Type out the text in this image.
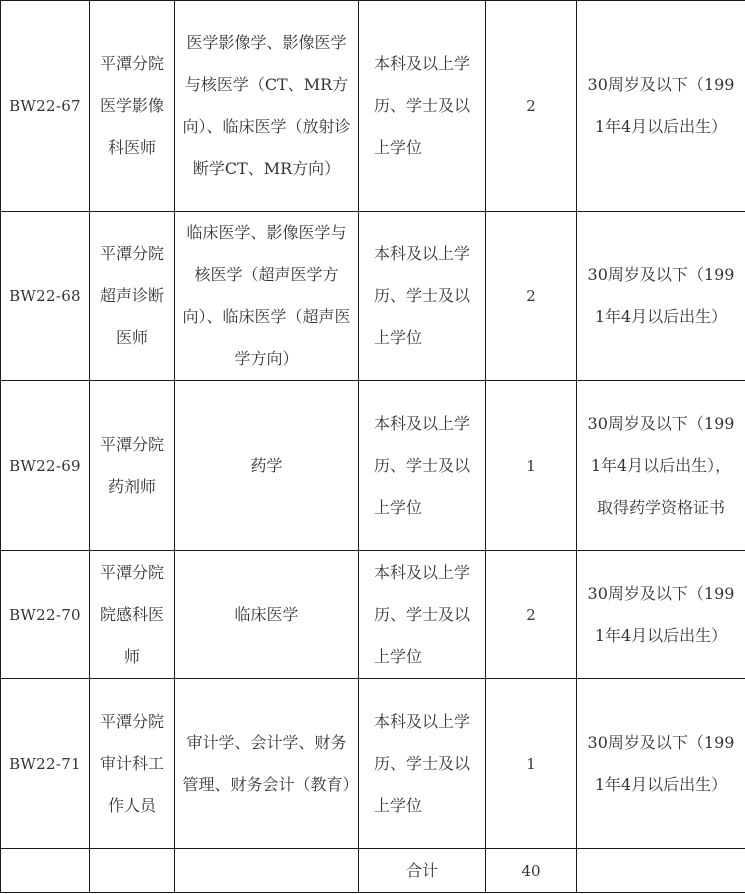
BW22-67	平潭分院医学影像科医师	医学影像学、影像医学与核医学（CT、MR方向）、临床医学（放射诊断学CT、MR方向）	本科及以上学历、学士及以上学位	2	30周岁及以下（1991年4月以后出生）

BW22-68	平潭分院超声诊断医师	临床医学、影像医学与核医学（超声医学方向）、临床医学（超声医学方向）	本科及以上学历、学士及以上学位	2	30周岁及以下（1991年4月以后出生）

BW22-69	平潭分院药剂师	药学	本科及以上学历、学士及以上学位	1	30周岁及以下（1991年4月以后出生），取得药学资格证书

BW22-70	平潭分院院感科医师	临床医学	本科及以上学历、学士及以上学位	2	30周岁及以下（1991年4月以后出生）

BW22-71	平潭分院审计科工作人员	审计学、会计学、财务管理、财务会计（教育）	本科及以上学历、学士及以上学位	1	30周岁及以下（1991年4月以后出生）

			合计	40	
